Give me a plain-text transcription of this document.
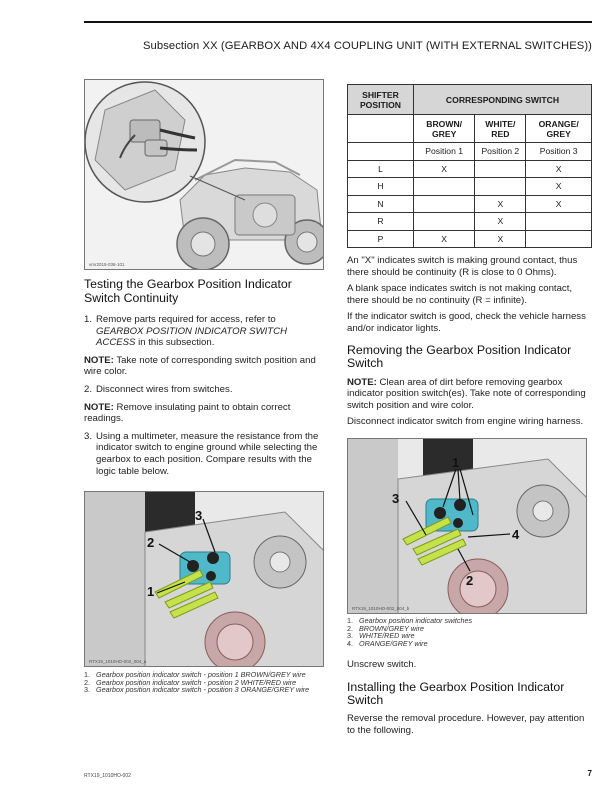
Subsection XX (GEARBOX AND 4X4 COUPLING UNIT (WITH EXTERNAL SWITCHES))
vmr2015-036-101
Testing the Gearbox Position Indicator Switch Continuity
1. Remove parts required for access, refer to GEARBOX POSITION INDICATOR SWITCH ACCESS in this subsection.

NOTE: Take note of corresponding switch position and wire color.

2. Disconnect wires from switches.

NOTE: Remove insulating paint to obtain correct readings.

3. Using a multimeter, measure the resistance from the indicator switch to engine ground while selecting the gearbox to each position. Compare results with the logic table below.
2
1
3
RTX19_1010HO-002_004_a
1. Gearbox position indicator switch - position 1 BROWN/GREY wire
2. Gearbox position indicator switch - position 2 WHITE/RED wire
3. Gearbox position indicator switch - position 3 ORANGE/GREY wire
SHIFTER POSITION	CORRESPONDING SWITCH		

	BROWN/ GREY	WHITE/ RED	ORANGE/ GREY
	Position 1	Position 2	Position 3
L	X		X
H			X
N		X	X
R		X	
P	X	X	

An "X" indicates switch is making ground contact, thus there should be continuity (R is close to 0 Ohms).

A blank space indicates switch is not making contact, there should be no continuity (R = infinite).

If the indicator switch is good, check the vehicle harness and/or indicator lights.

Removing the Gearbox Position Indicator Switch

NOTE: Clean area of dirt before removing gearbox indicator position switch(es). Take note of corresponding switch position and wire color.

Disconnect indicator switch from engine wiring harness.

1
3
4
2
RTX19_1010HO-002_004_b
1. Gearbox position indicator switches
2. BROWN/GREY wire
3. WHITE/RED wire
4. ORANGE/GREY wire

Unscrew switch.

Installing the Gearbox Position Indicator Switch

Reverse the removal procedure. However, pay attention to the following.

RTX19_1010HO-002	7
